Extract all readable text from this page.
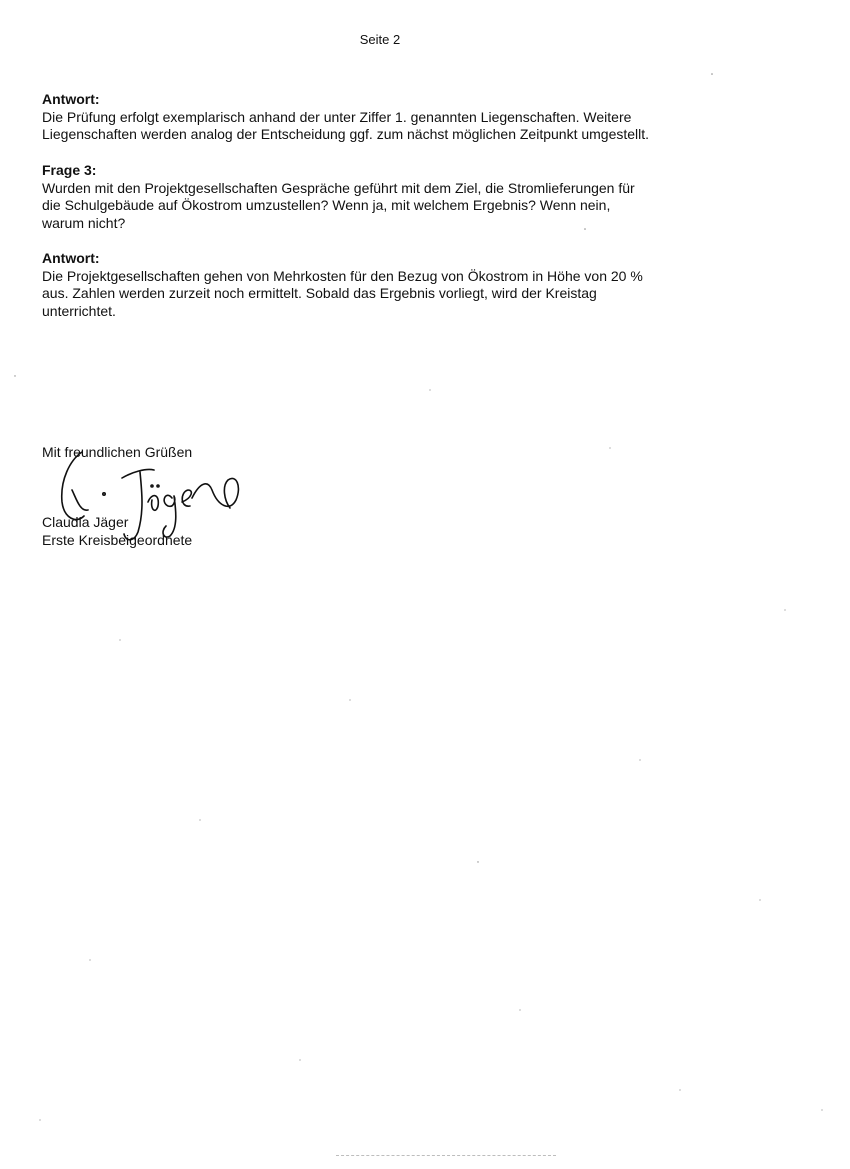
Seite 2
Antwort:
Die Prüfung erfolgt exemplarisch anhand der unter Ziffer 1. genannten Liegenschaften. Weitere
Liegenschaften werden analog der Entscheidung ggf. zum nächst möglichen Zeitpunkt umgestellt.
Frage 3:
Wurden mit den Projektgesellschaften Gespräche geführt mit dem Ziel, die Stromlieferungen für
die Schulgebäude auf Ökostrom umzustellen? Wenn ja, mit welchem Ergebnis? Wenn nein,
warum nicht?
Antwort:
Die Projektgesellschaften gehen von Mehrkosten für den Bezug von Ökostrom in Höhe von 20 %
aus. Zahlen werden zurzeit noch ermittelt. Sobald das Ergebnis vorliegt, wird der Kreistag
unterrichtet.
Mit freundlichen Grüßen
Claudia Jäger
Erste Kreisbeigeordnete
